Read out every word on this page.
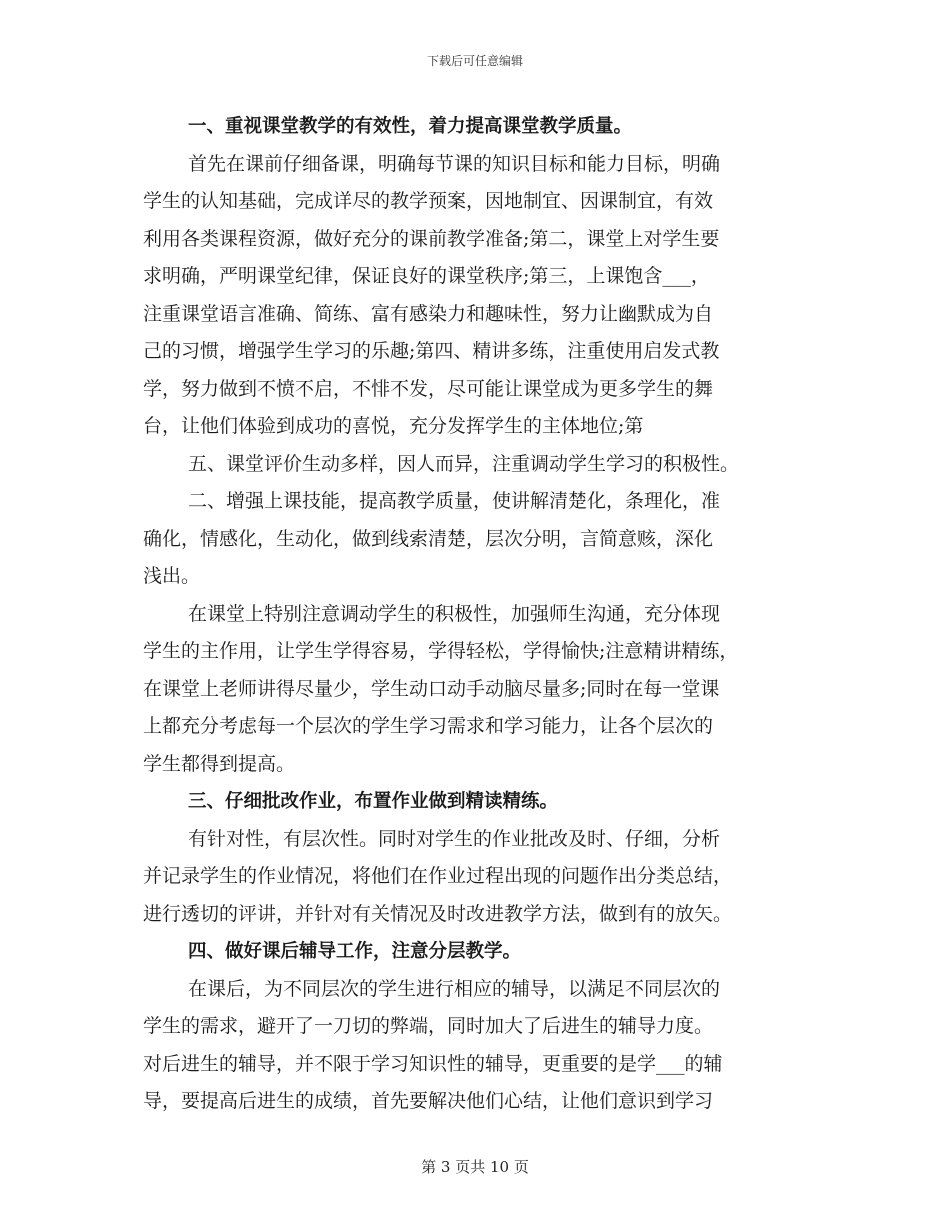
下载后可任意编辑
一、重视课堂教学的有效性，着力提高课堂教学质量。
首先在课前仔细备课，明确每节课的知识目标和能力目标，明确
学生的认知基础，完成详尽的教学预案，因地制宜、因课制宜，有效
利用各类课程资源，做好充分的课前教学准备;第二，课堂上对学生要
求明确，严明课堂纪律，保证良好的课堂秩序;第三，上课饱含___，
注重课堂语言准确、简练、富有感染力和趣味性，努力让幽默成为自
己的习惯，增强学生学习的乐趣;第四、精讲多练，注重使用启发式教
学，努力做到不愤不启，不悱不发，尽可能让课堂成为更多学生的舞
台，让他们体验到成功的喜悦，充分发挥学生的主体地位;第
五、课堂评价生动多样，因人而异，注重调动学生学习的积极性。
二、增强上课技能，提高教学质量，使讲解清楚化，条理化，准
确化，情感化，生动化，做到线索清楚，层次分明，言简意赅，深化
浅出。
在课堂上特别注意调动学生的积极性，加强师生沟通，充分体现
学生的主作用，让学生学得容易，学得轻松，学得愉快;注意精讲精练，
在课堂上老师讲得尽量少，学生动口动手动脑尽量多;同时在每一堂课
上都充分考虑每一个层次的学生学习需求和学习能力，让各个层次的
学生都得到提高。
三、仔细批改作业，布置作业做到精读精练。
有针对性，有层次性。同时对学生的作业批改及时、仔细，分析
并记录学生的作业情况，将他们在作业过程出现的问题作出分类总结，
进行透切的评讲，并针对有关情况及时改进教学方法，做到有的放矢。
四、做好课后辅导工作，注意分层教学。
在课后，为不同层次的学生进行相应的辅导，以满足不同层次的
学生的需求，避开了一刀切的弊端，同时加大了后进生的辅导力度。
对后进生的辅导，并不限于学习知识性的辅导，更重要的是学___的辅
导，要提高后进生的成绩，首先要解决他们心结，让他们意识到学习
第 3 页共 10 页
